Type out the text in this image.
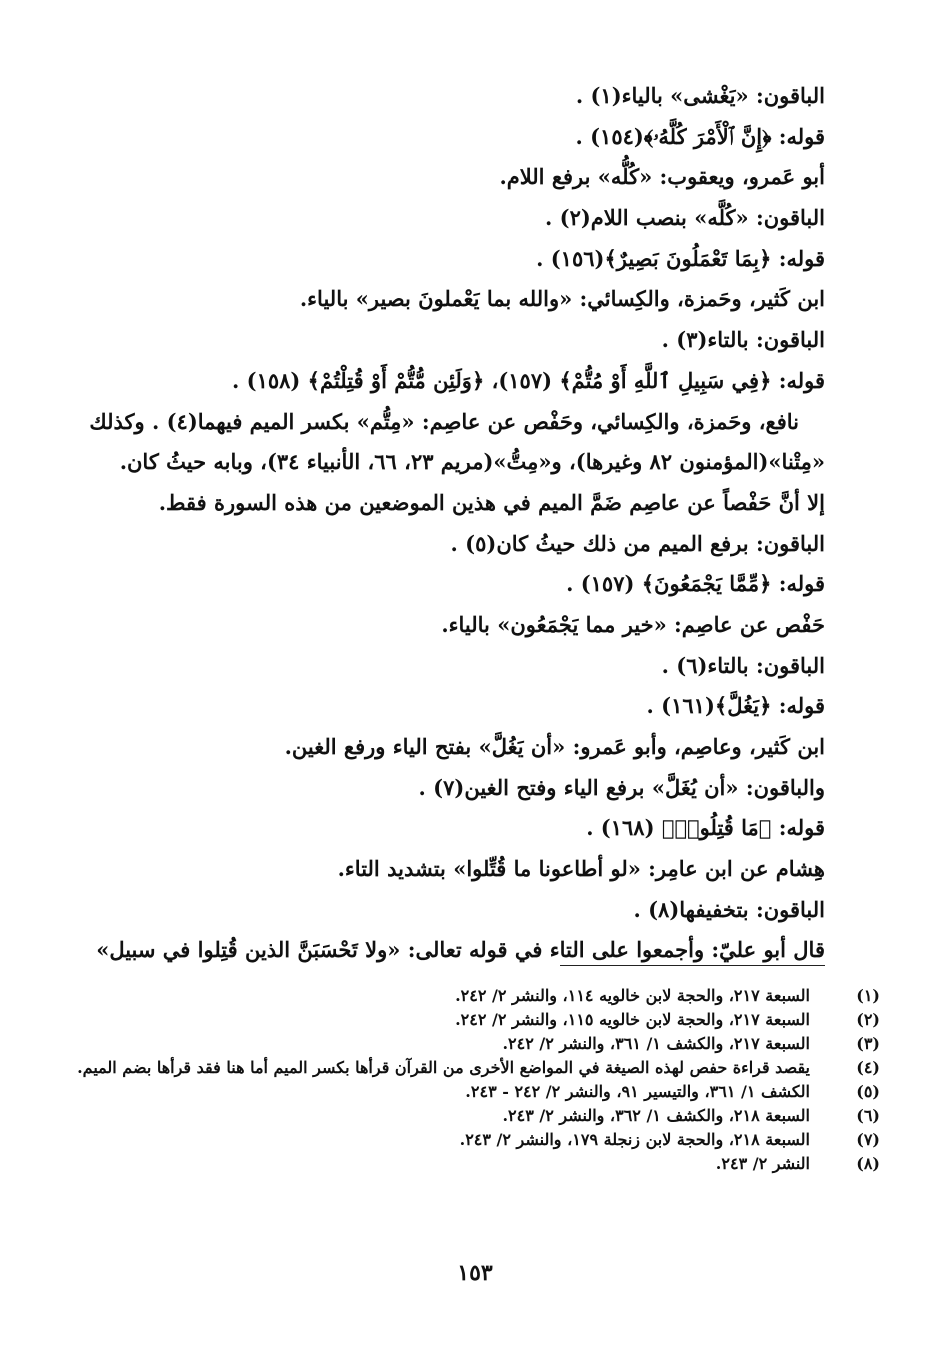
الباقون: «يَغْشى» بالياء(١) .
قوله: ﴿إِنَّ ٱلْأَمْرَ كُلَّهُۥ﴾(١٥٤) .
أبو عَمرو، ويعقوب: «كُلُّه» برفع اللام.
الباقون: «كُلَّه» بنصب اللام(٢) .
قوله: ﴿بِمَا تَعْمَلُونَ بَصِيرٌ﴾(١٥٦) .
ابن كَثير، وحَمزة، والكِسائي: «والله بما يَعْملونَ بصير» بالياء.
الباقون: بالتاء(٣) .
قوله: ﴿فِي سَبِيلِ ٱللَّهِ أَوْ مُتُّمْ﴾ (١٥٧)، ﴿وَلَئِن مُّتُّمْ أَوْ قُتِلْتُمْ﴾ (١٥٨) .
نافع، وحَمزة، والكِسائي، وحَفْص عن عاصِم: «مِتُّم» بكسر الميم فيهما(٤) . وكذلك
«مِتْنا»(المؤمنون ٨٢ وغيرها)، و«مِتُّ»(مريم ٢٣، ٦٦، الأنبياء ٣٤)، وبابه حيثُ كان.
إلا أنَّ حَفْصاً عن عاصِم ضَمَّ الميم في هذين الموضعين من هذه السورة فقط.
الباقون: برفع الميم من ذلك حيثُ كان(٥) .
قوله: ﴿مِّمَّا يَجْمَعُونَ﴾ (١٥٧) .
حَفْص عن عاصِم: «خير مما يَجْمَعُون» بالياء.
الباقون: بالتاء(٦) .
قوله: ﴿يَغُلَّ﴾(١٦١) .
ابن كَثير، وعاصِم، وأبو عَمرو: «أن يَغُلَّ» بفتح الياء ورفع الغين.
والباقون: «أن يُغَلَّ» برفع الياء وفتح الغين(٧) .
قوله: ﴿مَا قُتِلُوا۟﴾ (١٦٨) .
هِشام عن ابن عامِر: «لو أطاعونا ما قُتِّلوا» بتشديد التاء.
الباقون: بتخفيفها(٨) .
قال أبو عليّ: وأجمعوا على التاء في قوله تعالى: «ولا تَحْسَبَنَّ الذين قُتِلوا في سبيل»
(١)
السبعة ٢١٧، والحجة لابن خالويه ١١٤، والنشر ٢/ ٢٤٢.
(٢)
السبعة ٢١٧، والحجة لابن خالويه ١١٥، والنشر ٢/ ٢٤٢.
(٣)
السبعة ٢١٧، والكشف ١/ ٣٦١، والنشر ٢/ ٢٤٢.
(٤)
يقصد قراءة حفص لهذه الصيغة في المواضع الأخرى من القرآن قرأها بكسر الميم أما هنا فقد قرأها بضم الميم.
(٥)
الكشف ١/ ٣٦١، والتيسير ٩١، والنشر ٢/ ٢٤٢ - ٢٤٣.
(٦)
السبعة ٢١٨، والكشف ١/ ٣٦٢، والنشر ٢/ ٢٤٣.
(٧)
السبعة ٢١٨، والحجة لابن زنجلة ١٧٩، والنشر ٢/ ٢٤٣.
(٨)
النشر ٢/ ٢٤٣.
١٥٣
